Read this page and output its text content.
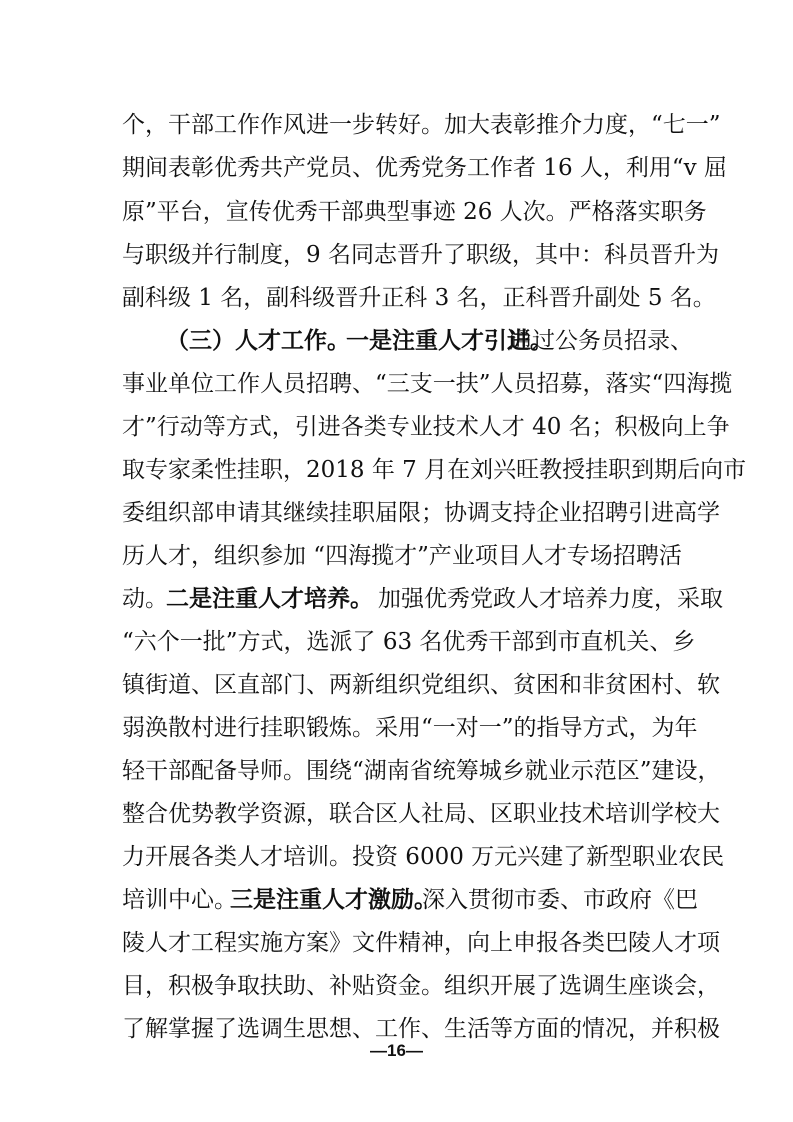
个，干部工作作风进一步转好。加大表彰推介力度，“七一”
期间表彰优秀共产党员、优秀党务工作者 16 人，利用“v 屈
原”平台，宣传优秀干部典型事迹 26 人次。严格落实职务
与职级并行制度，9 名同志晋升了职级，其中：科员晋升为
副科级 1 名，副科级晋升正科 3 名，正科晋升副处 5 名。
（三）人才工作。
一是注重人才引进。
通过公务员招录、
事业单位工作人员招聘、“三支一扶”人员招募，落实“四海揽
才”行动等方式，引进各类专业技术人才 40 名；积极向上争
取专家柔性挂职，2018 年 7 月在刘兴旺教授挂职到期后向市
委组织部申请其继续挂职届限；协调支持企业招聘引进高学
历人才，组织参加 “四海揽才”产业项目人才专场招聘活
动。
二是注重人才培养。 加强优秀党政人才培养力度，采取
“六个一批”方式，选派了 63 名优秀干部到市直机关、乡
镇街道、区直部门、两新组织党组织、贫困和非贫困村、软
弱涣散村进行挂职锻炼。采用“一对一”的指导方式，为年
轻干部配备导师。围绕“湖南省统筹城乡就业示范区”建设，
整合优势教学资源，联合区人社局、区职业技术培训学校大
力开展各类人才培训。投资 6000 万元兴建了新型职业农民
培训中心。
三是注重人才激励。
深入贯彻市委、市政府《巴
陵人才工程实施方案》文件精神，向上申报各类巴陵人才项
目，积极争取扶助、补贴资金。组织开展了选调生座谈会，
了解掌握了选调生思想、工作、生活等方面的情况，并积极
—16—
